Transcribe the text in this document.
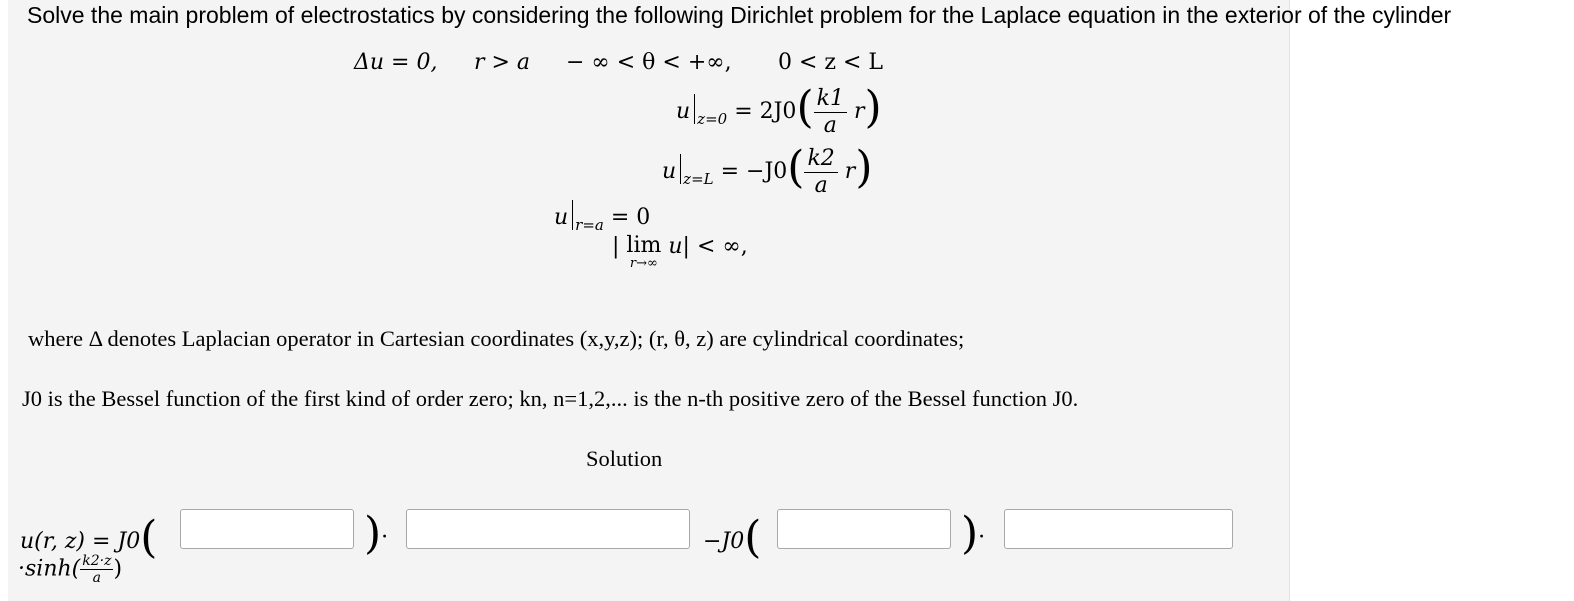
Solve the main problem of electrostatics by considering the following Dirichlet problem for the Laplace equation in the exterior of the cylinder
Δu = 0, r > a − ∞ < θ < +∞, 0 < z < L
u $_{z=0} = 2J0( \frac{k1}{a} r)$
u $_{z=L} = -J0( \frac{k2}{a} r)$
u $_{r=a}$ = 0
| lim
r→∞
u| < ∞,
where Δ denotes Laplacian operator in Cartesian coordinates (x,y,z); (r, θ, z) are cylindrical coordinates;
J0 is the Bessel function of the first kind of order zero; kn, n=1,2,... is the n-th positive zero of the Bessel function J0.
Solution
u(r, z) = J0(	)·	−J0(	)·
$\cdot\sinh( \frac{k2\cdot z}{a}$ )
